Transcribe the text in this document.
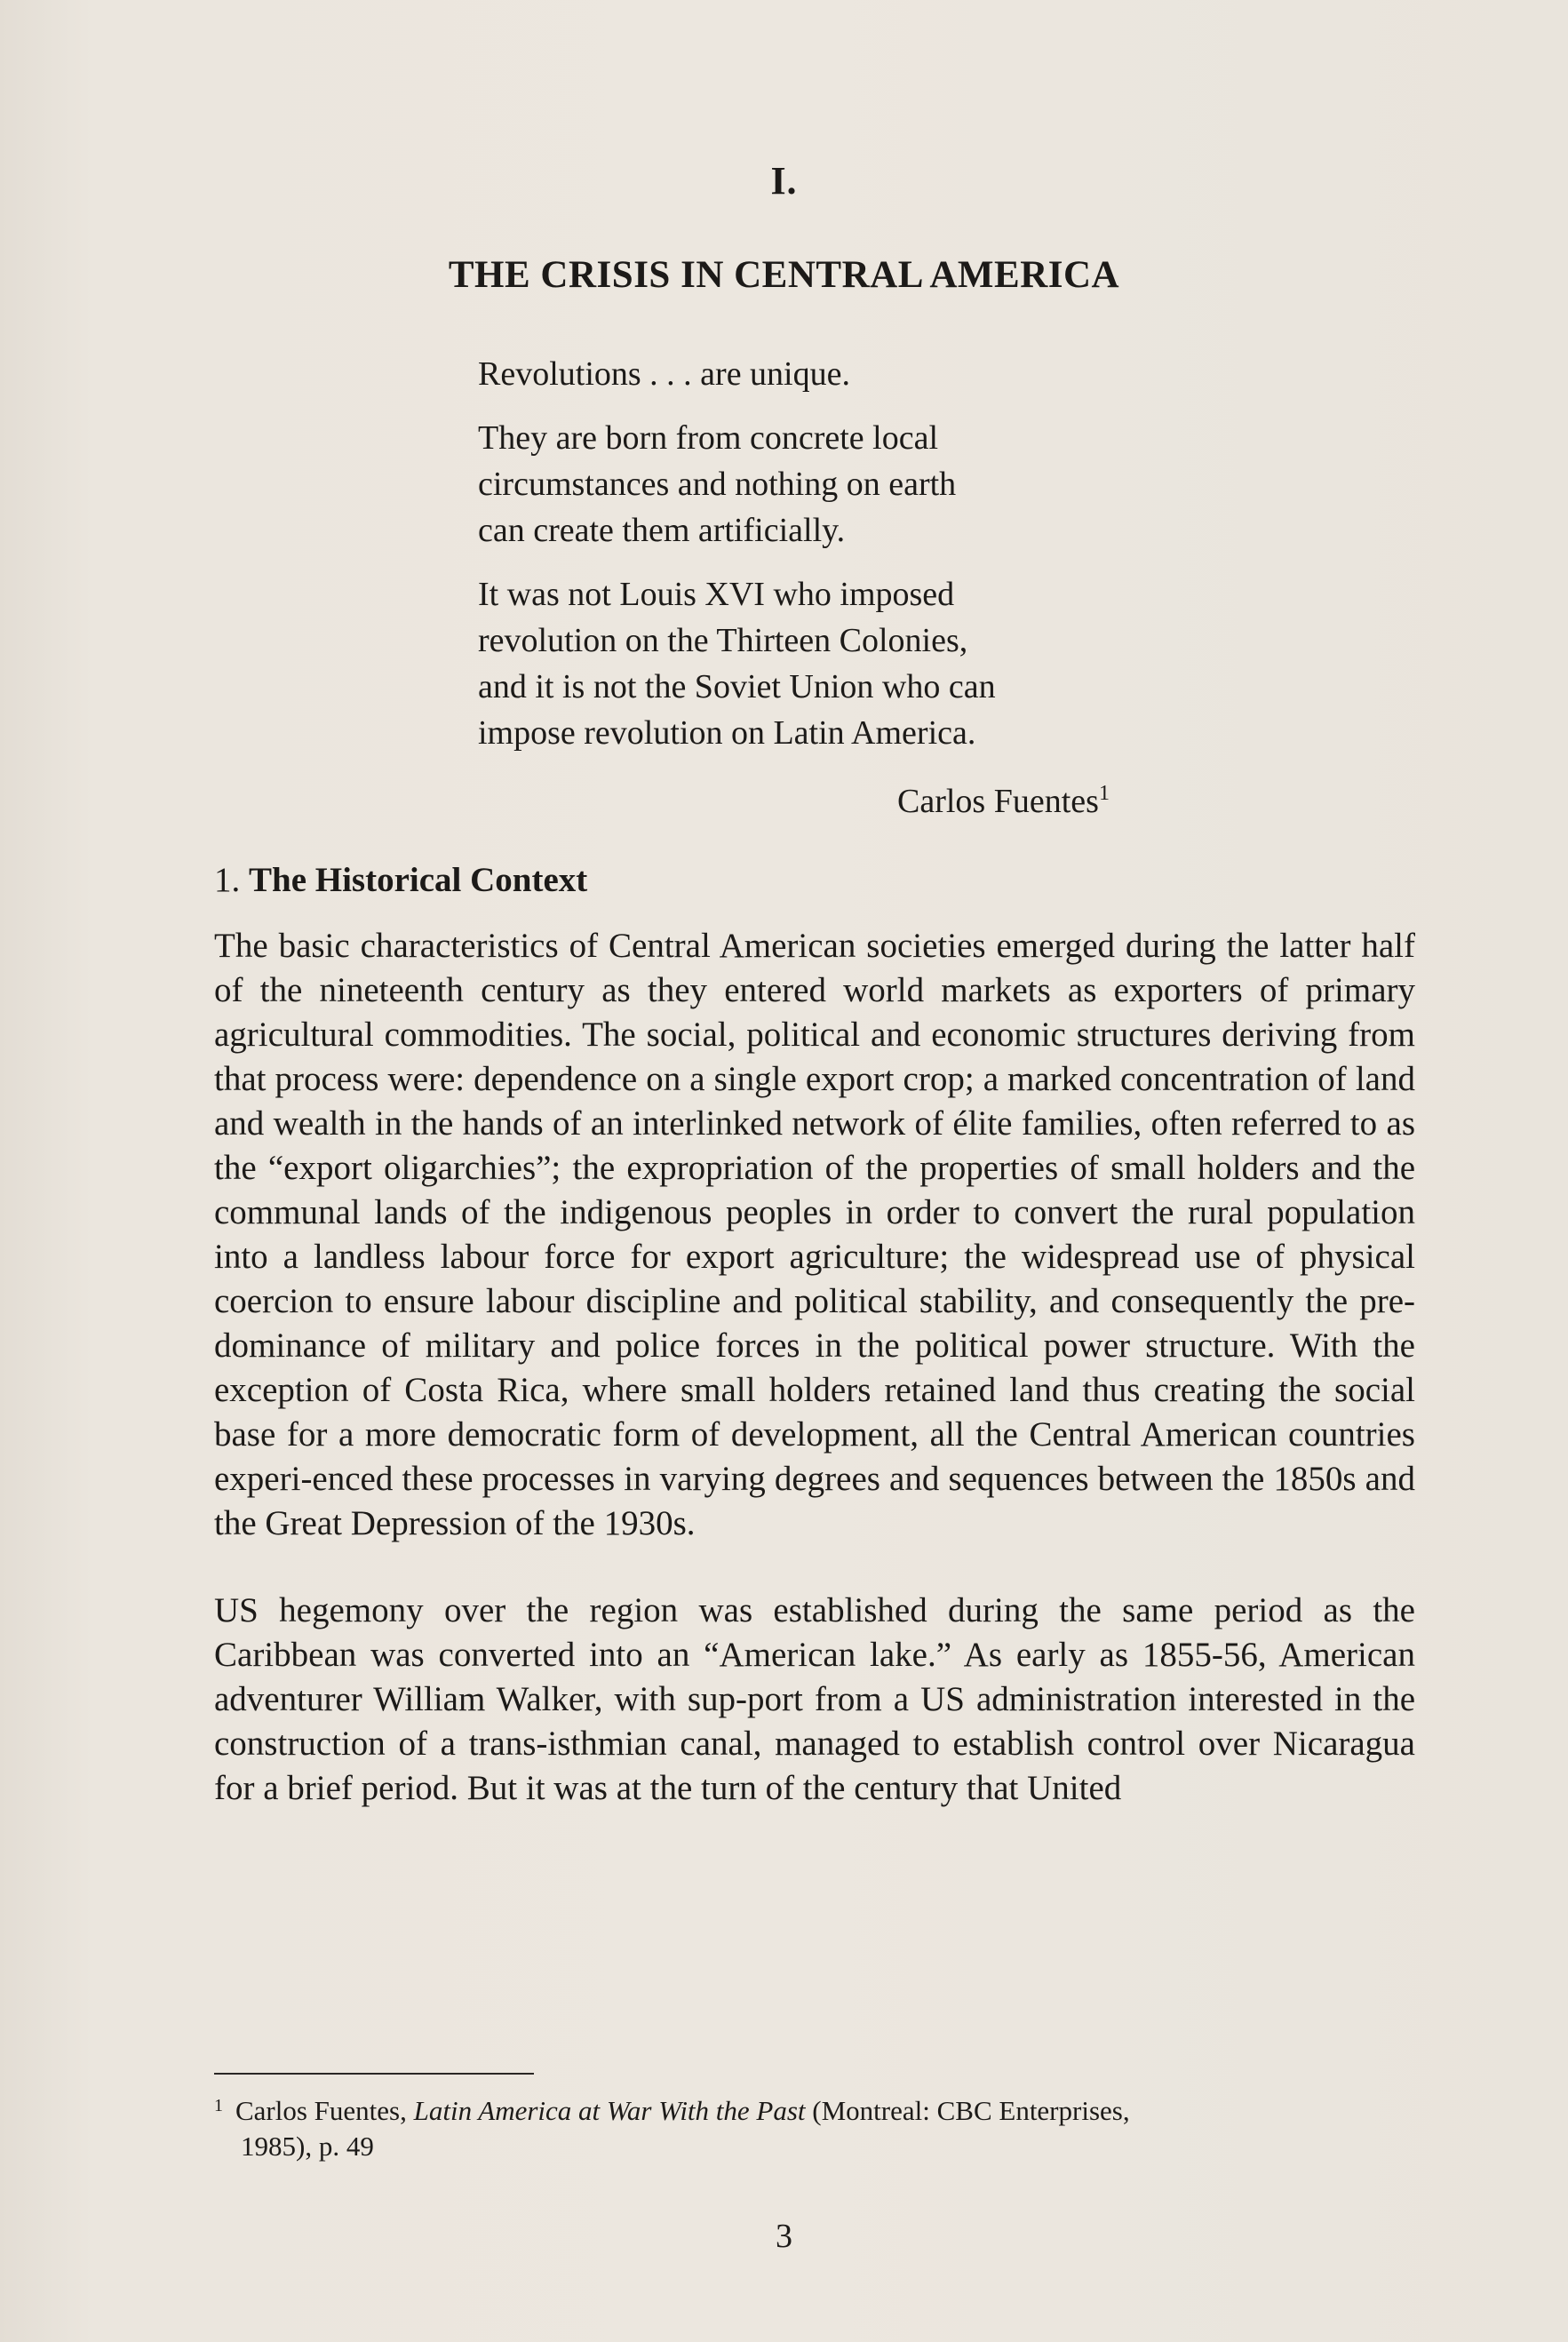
I.
THE CRISIS IN CENTRAL AMERICA

Revolutions . . . are unique.

They are born from concrete local
circumstances and nothing on earth
can create them artificially.

It was not Louis XVI who imposed
revolution on the Thirteen Colonies,
and it is not the Soviet Union who can
impose revolution on Latin America.

Carlos Fuentes$^1$
1. The Historical Context

The basic characteristics of Central American societies emerged during the latter half of the nineteenth century as they entered world markets as exporters of primary agricultural commodities. The social, political and economic structures deriving from that process were: dependence on a single export crop; a marked concentration of land and wealth in the hands of an interlinked network of élite families, often referred to as the “export oligarchies”; the expropriation of the properties of small holders and the communal lands of the indigenous peoples in order to convert the rural population into a landless labour force for export agriculture; the widespread use of physical coercion to ensure labour discipline and political stability, and consequently the pre-dominance of military and police forces in the political power structure. With the exception of Costa Rica, where small holders retained land thus creating the social base for a more democratic form of development, all the Central American countries experi-enced these processes in varying degrees and sequences between the 1850s and the Great Depression of the 1930s.

US hegemony over the region was established during the same period as the Caribbean was converted into an “American lake.” As early as 1855-56, American adventurer William Walker, with sup-port from a US administration interested in the construction of a trans-isthmian canal, managed to establish control over Nicaragua for a brief period. But it was at the turn of the century that United

$^1$ Carlos Fuentes, Latin America at War With the Past (Montreal: CBC Enterprises,
1985), p. 49
3
